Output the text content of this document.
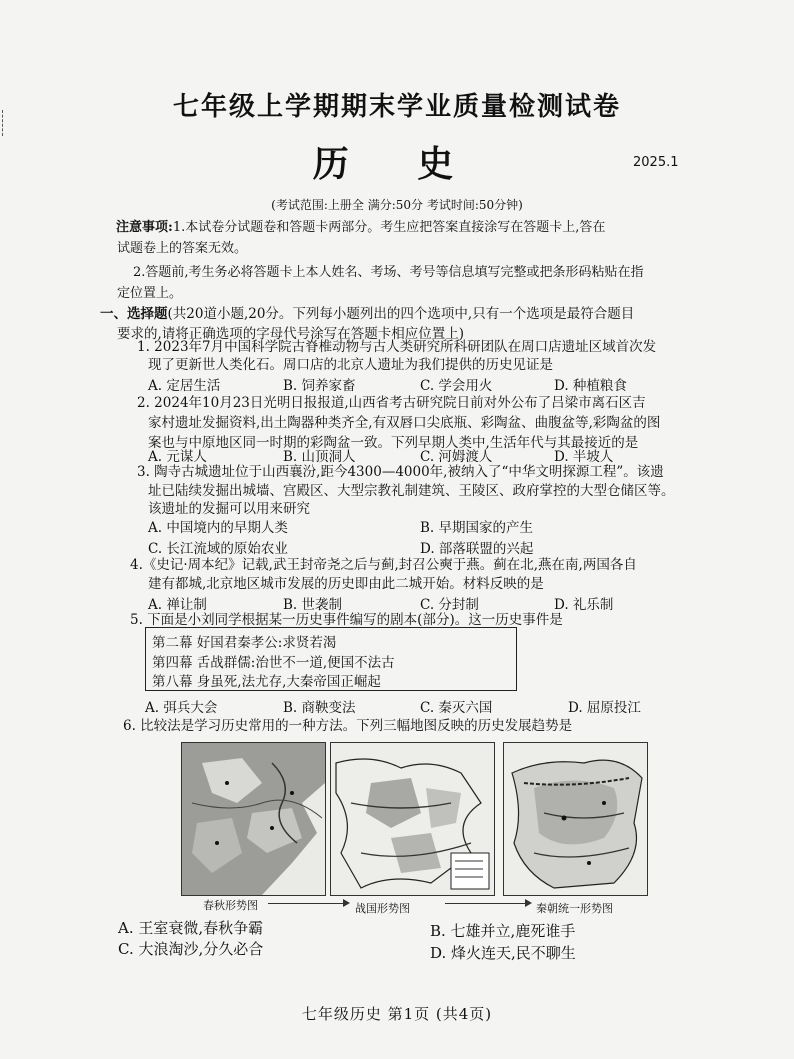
七年级上学期期末学业质量检测试卷
历 史	2025.1
(考试范围:上册全 满分:50分 考试时间:50分钟)
注意事项:1.本试卷分试题卷和答题卡两部分。考生应把答案直接涂写在答题卡上,答在
试题卷上的答案无效。
2.答题前,考生务必将答题卡上本人姓名、考场、考号等信息填写完整或把条形码粘贴在指
定位置上。
一、选择题(共20道小题,20分。下列每小题列出的四个选项中,只有一个选项是最符合题目
要求的,请将正确选项的字母代号涂写在答题卡相应位置上)
1. 2023年7月中国科学院古脊椎动物与古人类研究所科研团队在周口店遗址区域首次发
现了更新世人类化石。周口店的北京人遗址为我们提供的历史见证是
A. 定居生活	B. 饲养家畜	C. 学会用火	D. 种植粮食
2. 2024年10月23日光明日报报道,山西省考古研究院日前对外公布了吕梁市离石区吉
家村遗址发掘资料,出土陶器种类齐全,有双唇口尖底瓶、彩陶盆、曲腹盆等,彩陶盆的图
案也与中原地区同一时期的彩陶盆一致。下列早期人类中,生活年代与其最接近的是
A. 元谋人	B. 山顶洞人	C. 河姆渡人	D. 半坡人
3. 陶寺古城遗址位于山西襄汾,距今4300—4000年,被纳入了“中华文明探源工程”。该遗
址已陆续发掘出城墙、宫殿区、大型宗教礼制建筑、王陵区、政府掌控的大型仓储区等。
该遗址的发掘可以用来研究
A. 中国境内的早期人类	B. 早期国家的产生
C. 长江流域的原始农业	D. 部落联盟的兴起
4.《史记·周本纪》记载,武王封帝尧之后与蓟,封召公奭于燕。蓟在北,燕在南,两国各自
建有都城,北京地区城市发展的历史即由此二城开始。材料反映的是
A. 禅让制	B. 世袭制	C. 分封制	D. 礼乐制
5. 下面是小刘同学根据某一历史事件编写的剧本(部分)。这一历史事件是
第二幕 好国君秦孝公:求贤若渴
第四幕 舌战群儒:治世不一道,便国不法古
第八幕 身虽死,法尤存,大秦帝国正崛起
A. 弭兵大会	B. 商鞅变法	C. 秦灭六国	D. 屈原投江
6. 比较法是学习历史常用的一种方法。下列三幅地图反映的历史发展趋势是
春秋形势图	战国形势图	秦朝统一形势图
A. 王室衰微,春秋争霸	B. 七雄并立,鹿死谁手
C. 大浪淘沙,分久必合	D. 烽火连天,民不聊生
七年级历史 第1页 (共4页)
